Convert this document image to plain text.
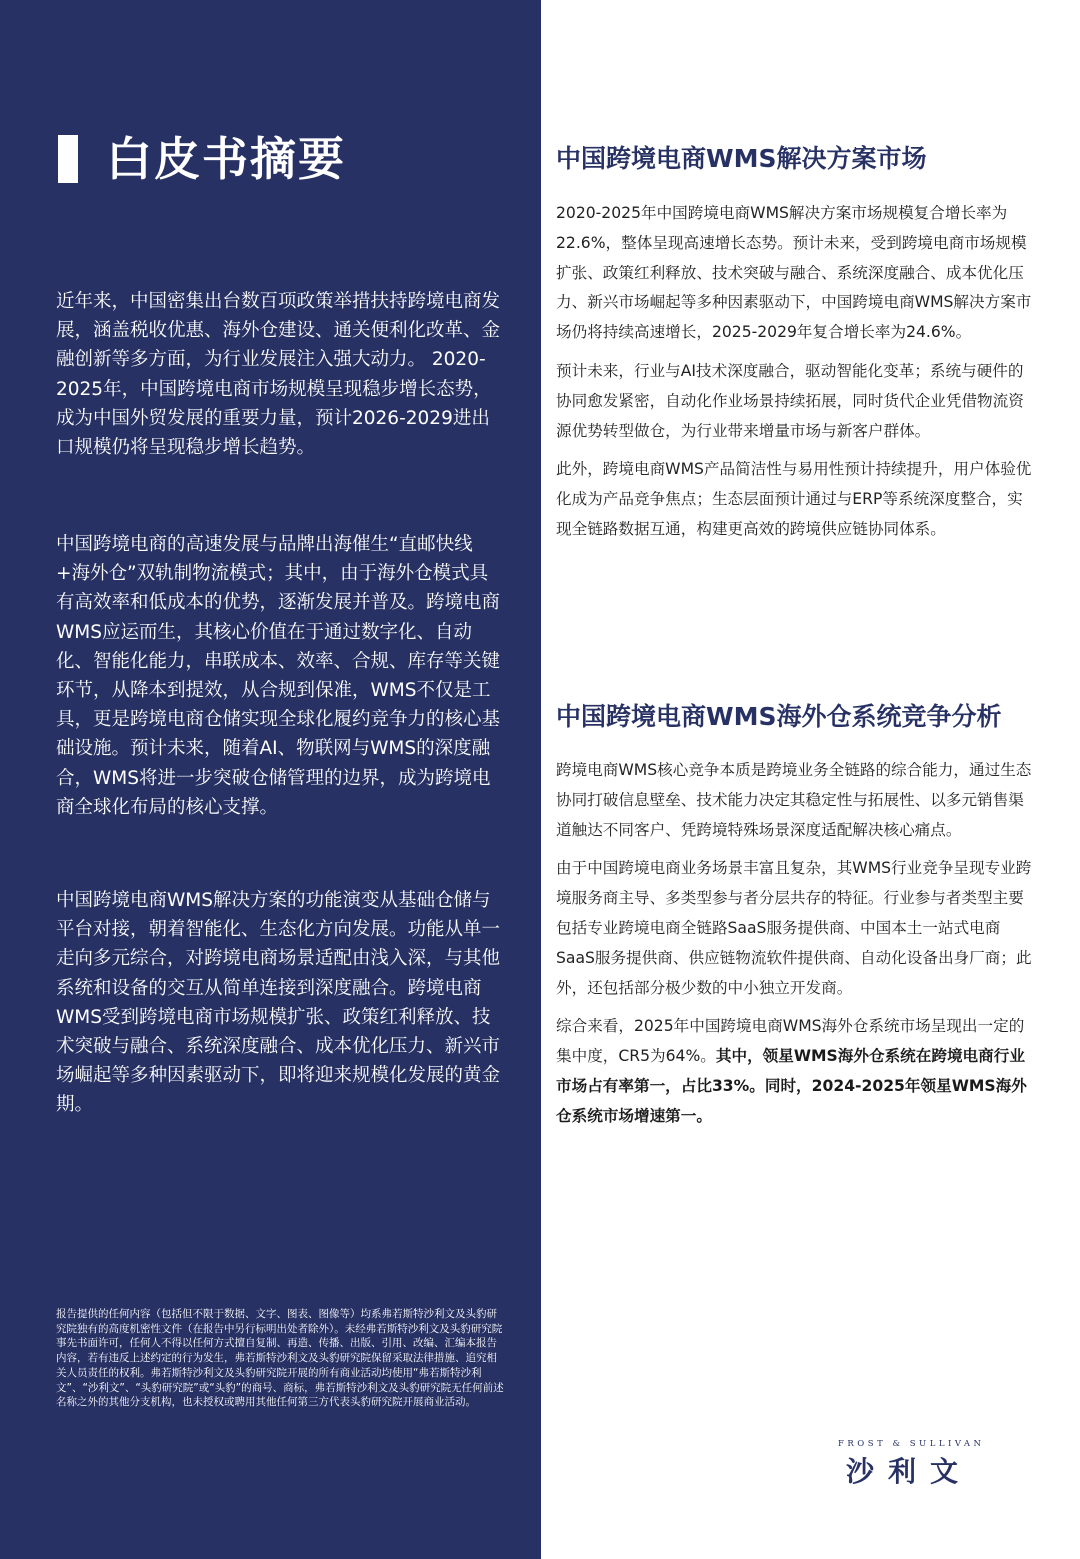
白皮书摘要

近年来，中国密集出台数百项政策举措扶持跨境电商发展，涵盖税收优惠、海外仓建设、通关便利化改革、金融创新等多方面，为行业发展注入强大动力。 2020-2025年，中国跨境电商市场规模呈现稳步增长态势，成为中国外贸发展的重要力量，预计2026-2029进出口规模仍将呈现稳步增长趋势。

中国跨境电商的高速发展与品牌出海催生“直邮快线+海外仓”双轨制物流模式；其中，由于海外仓模式具有高效率和低成本的优势，逐渐发展并普及。跨境电商WMS应运而生，其核心价值在于通过数字化、自动化、智能化能力，串联成本、效率、合规、库存等关键环节，从降本到提效，从合规到保准，WMS不仅是工具，更是跨境电商仓储实现全球化履约竞争力的核心基础设施。预计未来，随着AI、物联网与WMS的深度融合，WMS将进一步突破仓储管理的边界，成为跨境电商全球化布局的核心支撑。

中国跨境电商WMS解决方案的功能演变从基础仓储与平台对接，朝着智能化、生态化方向发展。功能从单一走向多元综合，对跨境电商场景适配由浅入深，与其他系统和设备的交互从简单连接到深度融合。跨境电商WMS受到跨境电商市场规模扩张、政策红利释放、技术突破与融合、系统深度融合、成本优化压力、新兴市场崛起等多种因素驱动下，即将迎来规模化发展的黄金期。

报告提供的任何内容（包括但不限于数据、文字、图表、图像等）均系弗若斯特沙利文及头豹研究院独有的高度机密性文件（在报告中另行标明出处者除外）。未经弗若斯特沙利文及头豹研究院事先书面许可，任何人不得以任何方式擅自复制、再造、传播、出版、引用、改编、汇编本报告内容，若有违反上述约定的行为发生，弗若斯特沙利文及头豹研究院保留采取法律措施、追究相关人员责任的权利。弗若斯特沙利文及头豹研究院开展的所有商业活动均使用“弗若斯特沙利文”、“沙利文”、“头豹研究院”或“头豹”的商号、商标，弗若斯特沙利文及头豹研究院无任何前述名称之外的其他分支机构，也未授权或聘用其他任何第三方代表头豹研究院开展商业活动。

中国跨境电商WMS解决方案市场

2020-2025年中国跨境电商WMS解决方案市场规模复合增长率为22.6%，整体呈现高速增长态势。预计未来，受到跨境电商市场规模扩张、政策红利释放、技术突破与融合、系统深度融合、成本优化压力、新兴市场崛起等多种因素驱动下，中国跨境电商WMS解决方案市场仍将持续高速增长，2025-2029年复合增长率为24.6%。

预计未来，行业与AI技术深度融合，驱动智能化变革；系统与硬件的协同愈发紧密，自动化作业场景持续拓展，同时货代企业凭借物流资源优势转型做仓，为行业带来增量市场与新客户群体。

此外，跨境电商WMS产品简洁性与易用性预计持续提升，用户体验优化成为产品竞争焦点；生态层面预计通过与ERP等系统深度整合，实现全链路数据互通，构建更高效的跨境供应链协同体系。

中国跨境电商WMS海外仓系统竞争分析

跨境电商WMS核心竞争本质是跨境业务全链路的综合能力，通过生态协同打破信息壁垒、技术能力决定其稳定性与拓展性、以多元销售渠道触达不同客户、凭跨境特殊场景深度适配解决核心痛点。

由于中国跨境电商业务场景丰富且复杂，其WMS行业竞争呈现专业跨境服务商主导、多类型参与者分层共存的特征。行业参与者类型主要包括专业跨境电商全链路SaaS服务提供商、中国本土一站式电商SaaS服务提供商、供应链物流软件提供商、自动化设备出身厂商；此外，还包括部分极少数的中小独立开发商。

综合来看，2025年中国跨境电商WMS海外仓系统市场呈现出一定的集中度，CR5为64%。其中，领星WMS海外仓系统在跨境电商行业市场占有率第一，占比33%。同时，2024-2025年领星WMS海外仓系统市场增速第一。

FROST & SULLIVAN
沙利文
